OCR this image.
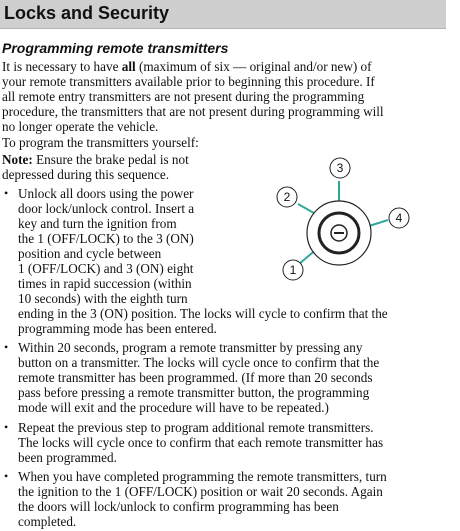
Locks and Security
Programming remote transmitters
It is necessary to have all (maximum of six — original and/or new) of
your remote transmitters available prior to beginning this procedure. If
all remote entry transmitters are not present during the programming
procedure, the transmitters that are not present during programming will
no longer operate the vehicle.
To program the transmitters yourself:
Note: Ensure the brake pedal is not
depressed during this sequence.
• Unlock all doors using the power
door lock/unlock control. Insert a
key and turn the ignition from
the 1 (OFF/LOCK) to the 3 (ON)
position and cycle between
1 (OFF/LOCK) and 3 (ON) eight
times in rapid succession (within
10 seconds) with the eighth turn
ending in the 3 (ON) position. The locks will cycle to confirm that the
programming mode has been entered.
• Within 20 seconds, program a remote transmitter by pressing any
button on a transmitter. The locks will cycle once to confirm that the
remote transmitter has been programmed. (If more than 20 seconds
pass before pressing a remote transmitter button, the programming
mode will exit and the procedure will have to be repeated.)
• Repeat the previous step to program additional remote transmitters.
The locks will cycle once to confirm that each remote transmitter has
been programmed.
• When you have completed programming the remote transmitters, turn
the ignition to the 1 (OFF/LOCK) position or wait 20 seconds. Again
the doors will lock/unlock to confirm programming has been
completed.
3
2
4
1
